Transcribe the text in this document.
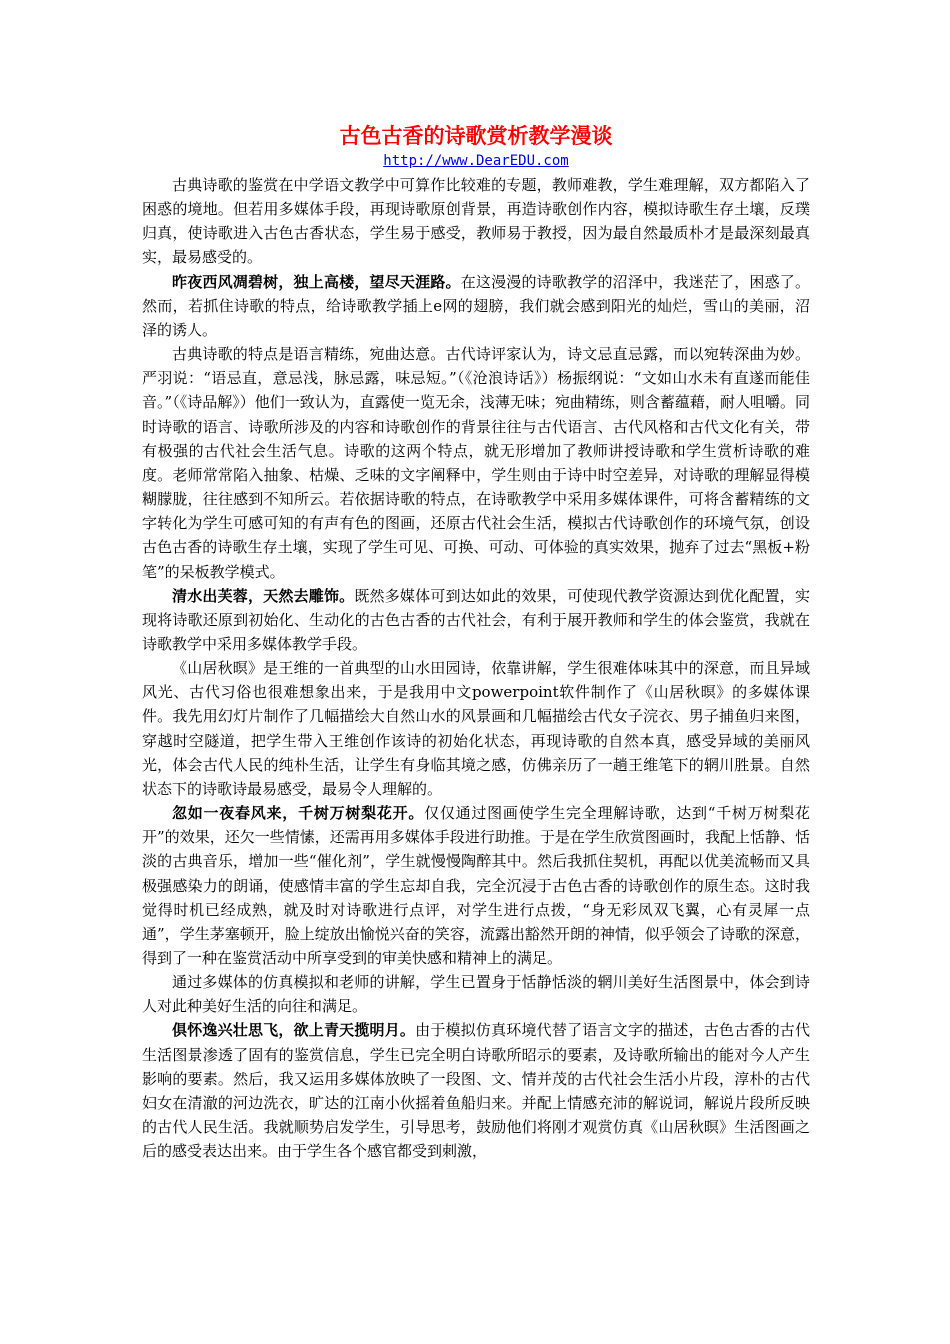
古色古香的诗歌赏析教学漫谈
http://www.DearEDU.com

古典诗歌的鉴赏在中学语文教学中可算作比较难的专题，教师难教，学生难理解，双方都陷入了困惑的境地。但若用多媒体手段，再现诗歌原创背景，再造诗歌创作内容，模拟诗歌生存土壤，反璞归真，使诗歌进入古色古香状态，学生易于感受，教师易于教授，因为最自然最质朴才是最深刻最真实，最易感受的。

昨夜西风凋碧树，独上高楼，望尽天涯路。在这漫漫的诗歌教学的沼泽中，我迷茫了，困惑了。然而，若抓住诗歌的特点，给诗歌教学插上e网的翅膀，我们就会感到阳光的灿烂，雪山的美丽，沼泽的诱人。

古典诗歌的特点是语言精练，宛曲达意。古代诗评家认为，诗文忌直忌露，而以宛转深曲为妙。严羽说：“语忌直，意忌浅，脉忌露，味忌短。”（《沧浪诗话》）杨振纲说：“文如山水未有直遂而能佳音。”（《诗品解》）他们一致认为，直露使一览无余，浅薄无味；宛曲精练，则含蓄蕴藉，耐人咀嚼。同时诗歌的语言、诗歌所涉及的内容和诗歌创作的背景往往与古代语言、古代风格和古代文化有关，带有极强的古代社会生活气息。诗歌的这两个特点，就无形增加了教师讲授诗歌和学生赏析诗歌的难度。老师常常陷入抽象、枯燥、乏味的文字阐释中，学生则由于诗中时空差异，对诗歌的理解显得模糊朦胧，往往感到不知所云。若依据诗歌的特点，在诗歌教学中采用多媒体课件，可将含蓄精练的文字转化为学生可感可知的有声有色的图画，还原古代社会生活，模拟古代诗歌创作的环境气氛，创设古色古香的诗歌生存土壤，实现了学生可见、可换、可动、可体验的真实效果，抛弃了过去“黑板+粉笔”的呆板教学模式。

清水出芙蓉，天然去雕饰。既然多媒体可到达如此的效果，可使现代教学资源达到优化配置，实现将诗歌还原到初始化、生动化的古色古香的古代社会，有利于展开教师和学生的体会鉴赏，我就在诗歌教学中采用多媒体教学手段。

《山居秋暝》是王维的一首典型的山水田园诗，依靠讲解，学生很难体味其中的深意，而且异域风光、古代习俗也很难想象出来，于是我用中文powerpoint软件制作了《山居秋暝》的多媒体课件。我先用幻灯片制作了几幅描绘大自然山水的风景画和几幅描绘古代女子浣衣、男子捕鱼归来图，穿越时空隧道，把学生带入王维创作该诗的初始化状态，再现诗歌的自然本真，感受异域的美丽风光，体会古代人民的纯朴生活，让学生有身临其境之感，仿佛亲历了一趟王维笔下的辋川胜景。自然状态下的诗歌诗最易感受，最易令人理解的。

忽如一夜春风来，千树万树梨花开。仅仅通过图画使学生完全理解诗歌，达到“千树万树梨花开”的效果，还欠一些情愫，还需再用多媒体手段进行助推。于是在学生欣赏图画时，我配上恬静、恬淡的古典音乐，增加一些“催化剂”，学生就慢慢陶醉其中。然后我抓住契机，再配以优美流畅而又具极强感染力的朗诵，使感情丰富的学生忘却自我，完全沉浸于古色古香的诗歌创作的原生态。这时我觉得时机已经成熟，就及时对诗歌进行点评，对学生进行点拨，“身无彩凤双飞翼，心有灵犀一点通”，学生茅塞顿开，脸上绽放出愉悦兴奋的笑容，流露出豁然开朗的神情，似乎领会了诗歌的深意，得到了一种在鉴赏活动中所享受到的审美快感和精神上的满足。

通过多媒体的仿真模拟和老师的讲解，学生已置身于恬静恬淡的辋川美好生活图景中，体会到诗人对此种美好生活的向往和满足。

俱怀逸兴壮思飞，欲上青天揽明月。由于模拟仿真环境代替了语言文字的描述，古色古香的古代生活图景渗透了固有的鉴赏信息，学生已完全明白诗歌所昭示的要素，及诗歌所输出的能对今人产生影响的要素。然后，我又运用多媒体放映了一段图、文、情并茂的古代社会生活小片段，淳朴的古代妇女在清澈的河边洗衣，旷达的江南小伙摇着鱼船归来。并配上情感充沛的解说词，解说片段所反映的古代人民生活。我就顺势启发学生，引导思考，鼓励他们将刚才观赏仿真《山居秋暝》生活图画之后的感受表达出来。由于学生各个感官都受到刺激，
